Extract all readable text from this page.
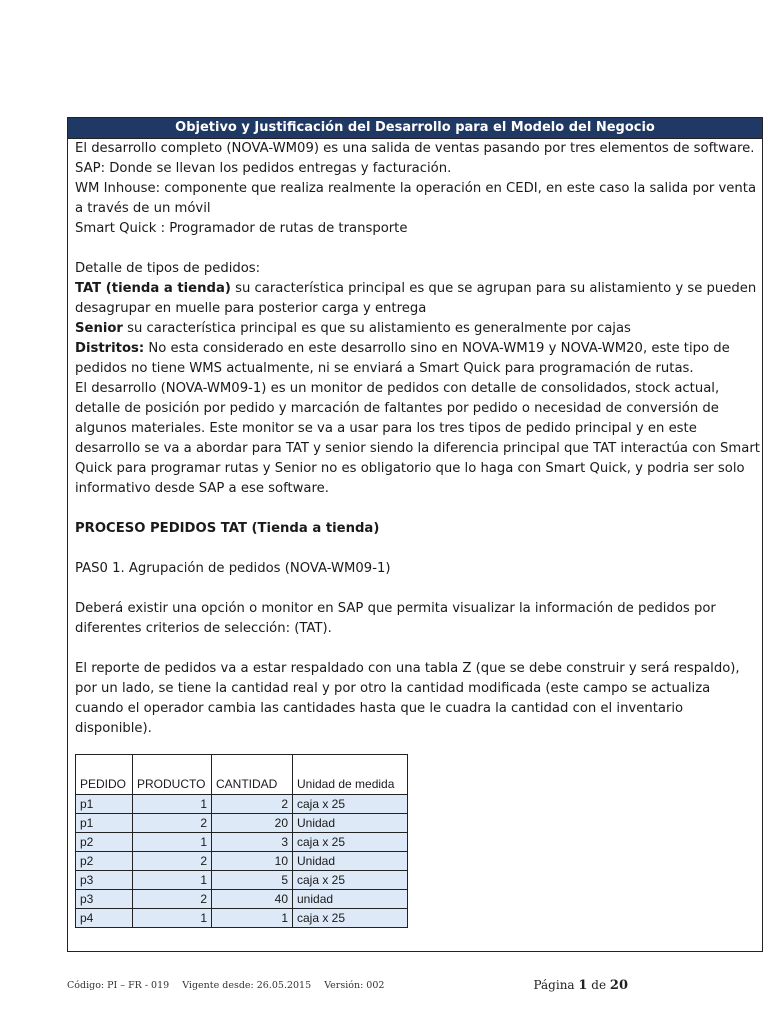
Objetivo y Justificación del Desarrollo para el Modelo del Negocio

El desarrollo completo (NOVA-WM09) es una salida de ventas pasando por tres elementos de software.

SAP: Donde se llevan los pedidos entregas y facturación.

WM Inhouse: componente que realiza realmente la operación en CEDI, en este caso la salida por venta a través de un móvil

Smart Quick : Programador de rutas de transporte

Detalle de tipos de pedidos:

TAT (tienda a tienda) su característica principal es que se agrupan para su alistamiento y se pueden desagrupar en muelle para posterior carga y entrega

Senior su característica principal es que su alistamiento es generalmente por cajas

Distritos: No esta considerado en este desarrollo sino en NOVA-WM19 y NOVA-WM20, este tipo de pedidos no tiene WMS actualmente, ni se enviará a Smart Quick para programación de rutas.

El desarrollo (NOVA-WM09-1) es un monitor de pedidos con detalle de consolidados, stock actual, detalle de posición por pedido y marcación de faltantes por pedido o necesidad de conversión de algunos materiales. Este monitor se va a usar para los tres tipos de pedido principal y en este desarrollo se va a abordar para TAT y senior siendo la diferencia principal que TAT interactúa con Smart Quick para programar rutas y Senior no es obligatorio que lo haga con Smart Quick, y podria ser solo informativo desde SAP a ese software.

PROCESO PEDIDOS TAT (Tienda a tienda)

PAS0 1. Agrupación de pedidos (NOVA-WM09-1)

Deberá existir una opción o monitor en SAP que permita visualizar la información de pedidos por diferentes criterios de selección: (TAT).

El reporte de pedidos va a estar respaldado con una tabla Z (que se debe construir y será respaldo), por un lado, se tiene la cantidad real y por otro la cantidad modificada (este campo se actualiza cuando el operador cambia las cantidades hasta que le cuadra la cantidad con el inventario disponible).

PEDIDO	PRODUCTO	CANTIDAD	Unidad de medida
p1	1	2	caja x 25
p1	2	20	Unidad
p2	1	3	caja x 25
p2	2	10	Unidad
p3	1	5	caja x 25
p3	2	40	unidad
p4	1	1	caja x 25
Código: PI – FR - 019 Vigente desde: 26.05.2015 Versión: 002	Página 1 de 20
